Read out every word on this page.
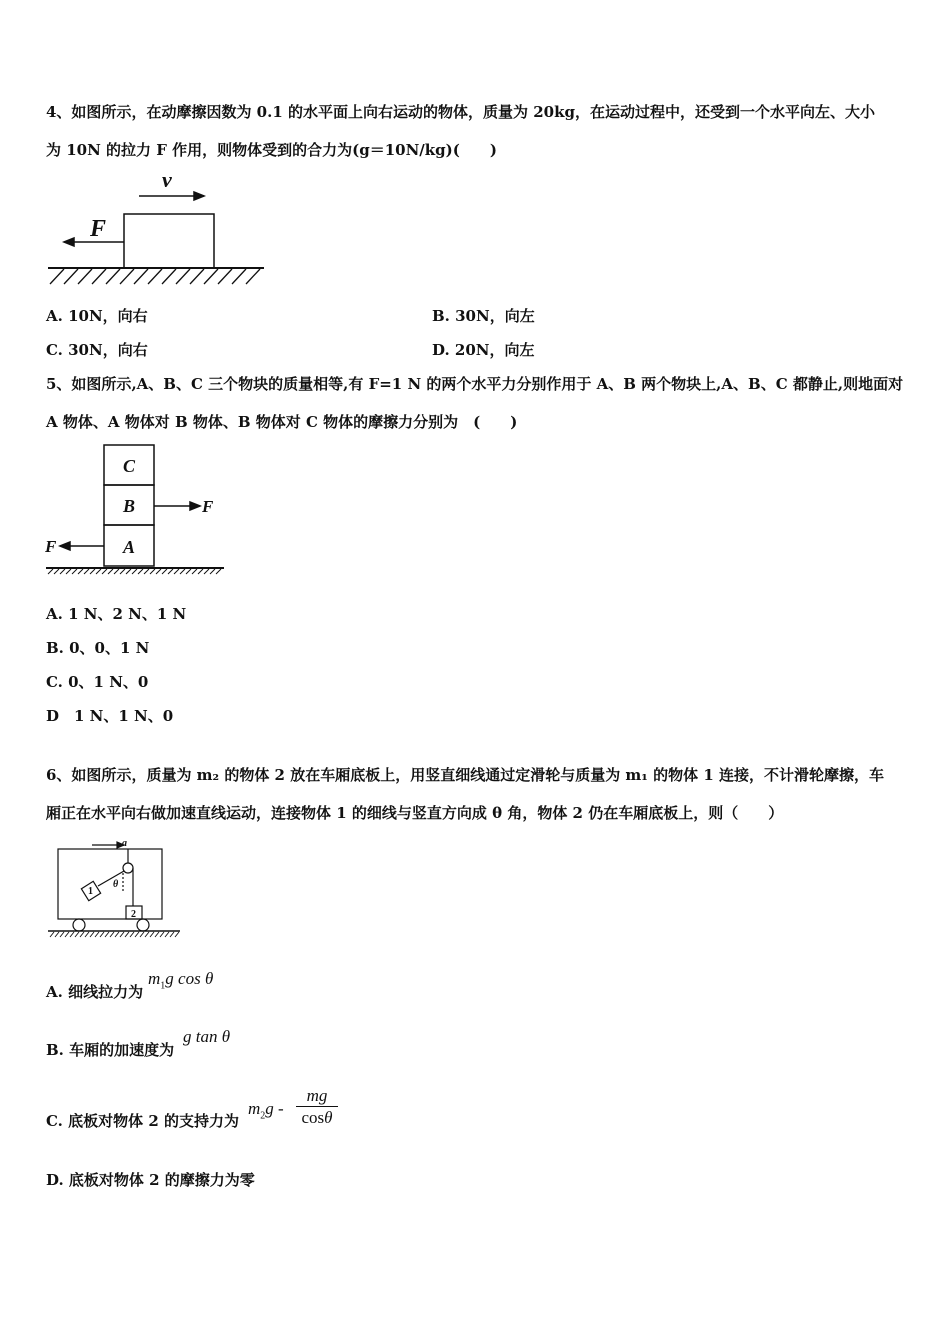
4、如图所示，在动摩擦因数为 0.1 的水平面上向右运动的物体，质量为 20kg，在运动过程中，还受到一个水平向左、大小
为 10N 的拉力 F 作用，则物体受到的合力为(g＝10N/kg)(　　)
v
F
A. 10N，向右	B. 30N，向左
C. 30N，向右	D. 20N，向左
5、如图所示,A、B、C 三个物块的质量相等,有 F=1 N 的两个水平力分别作用于 A、B 两个物块上,A、B、C 都静止,则地面对
A 物体、A 物体对 B 物体、B 物体对 C 物体的摩擦力分别为　(　　)
C
B
A
F
F
A. 1 N、2 N、1 N
B. 0、0、1 N
C. 0、1 N、0
D　1 N、1 N、0
6、如图所示，质量为 m₂ 的物体 2 放在车厢底板上，用竖直细线通过定滑轮与质量为 m₁ 的物体 1 连接，不计滑轮摩擦，车
厢正在水平向右做加速直线运动，连接物体 1 的细线与竖直方向成 θ 角，物体 2 仍在车厢底板上，则（　　）
a
θ
1
2
A. 细线拉力为
$m_1g$ cos θ
B. 车厢的加速度为
g tan θ
C. 底板对物体 2 的支持力为
$m_2g - \frac{mg}{\cos\theta}$
D. 底板对物体 2 的摩擦力为零
